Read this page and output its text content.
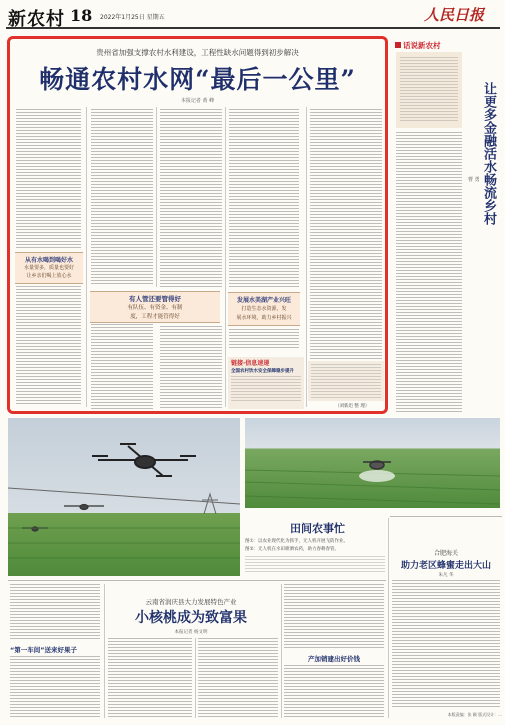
新农村 18 2022年1月25日 星期五	人民日报
贵州省加强支撑农村水利建设，工程性缺水问题得到初步解决
畅通农村水网“最后一公里”
本报记者 黄 峰
从有水喝到喝好水
水量要多，质量也要好
让乡亲们喝上放心水
有人管还要管得好
有队伍、有资金、有制
度，工程才能管得好
发展水美湖产业兴旺
打造生态水资源，发
展水环境，助力乡村振兴
链接·信息速递
全国农村饮水安全保障稳步提升
（刘新迅 整 理）
话说新农村
让更多金融活水畅流乡村
曹 勇
田间农事忙
图①：以农业现代化为抓手，无人机开展飞防作业。
图②：无人机在水田喷洒农药，助力春耕春管。
合肥海关
助力老区蜂蜜走出大山
朱凡 华
本版责编：张 颖 版式设计：...
“第一车间”送来好果子
云南省润庆县大力发展特色产业
小核桃成为致富果
本报记者 杨文明
产加销建出好价钱
